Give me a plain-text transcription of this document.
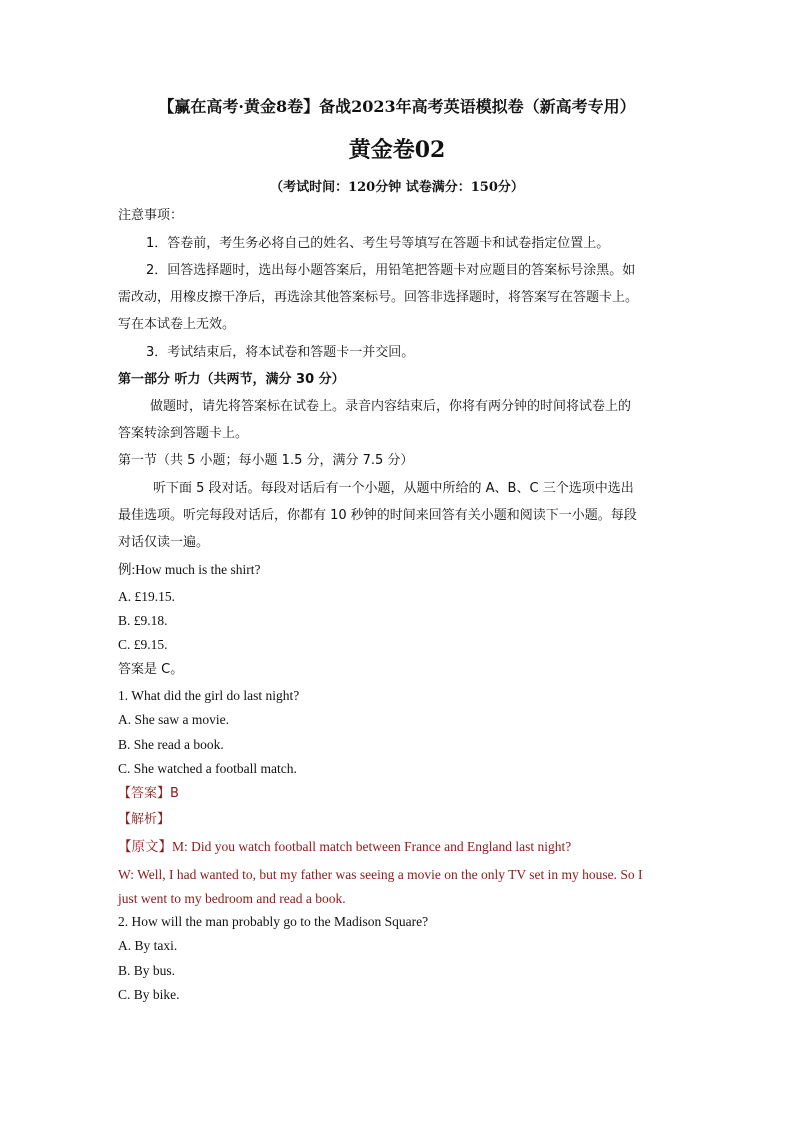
【赢在高考·黄金8卷】备战2023年高考英语模拟卷（新高考专用）
黄金卷02
（考试时间：120分钟 试卷满分：150分）
注意事项：
1．答卷前，考生务必将自己的姓名、考生号等填写在答题卡和试卷指定位置上。
2．回答选择题时，选出每小题答案后，用铅笔把答题卡对应题目的答案标号涂黑。如
需改动，用橡皮擦干净后，再选涂其他答案标号。回答非选择题时，将答案写在答题卡上。
写在本试卷上无效。
3．考试结束后，将本试卷和答题卡一并交回。
第一部分 听力（共两节，满分 30 分）
做题时，请先将答案标在试卷上。录音内容结束后，你将有两分钟的时间将试卷上的
答案转涂到答题卡上。
第一节（共 5 小题；每小题 1.5 分，满分 7.5 分）
听下面 5 段对话。每段对话后有一个小题，从题中所给的 A、B、C 三个选项中选出
最佳选项。听完每段对话后，你都有 10 秒钟的时间来回答有关小题和阅读下一小题。每段
对话仅读一遍。
例:How much is the shirt?
A. £19.15.
B. £9.18.
C. £9.15.
答案是 C。
1. What did the girl do last night?
A. She saw a movie.
B. She read a book.
C. She watched a football match.
【答案】B
【解析】
【原文】M: Did you watch football match between France and England last night?
W: Well, I had wanted to, but my father was seeing a movie on the only TV set in my house. So I
just went to my bedroom and read a book.
2. How will the man probably go to the Madison Square?
A. By taxi.
B. By bus.
C. By bike.
